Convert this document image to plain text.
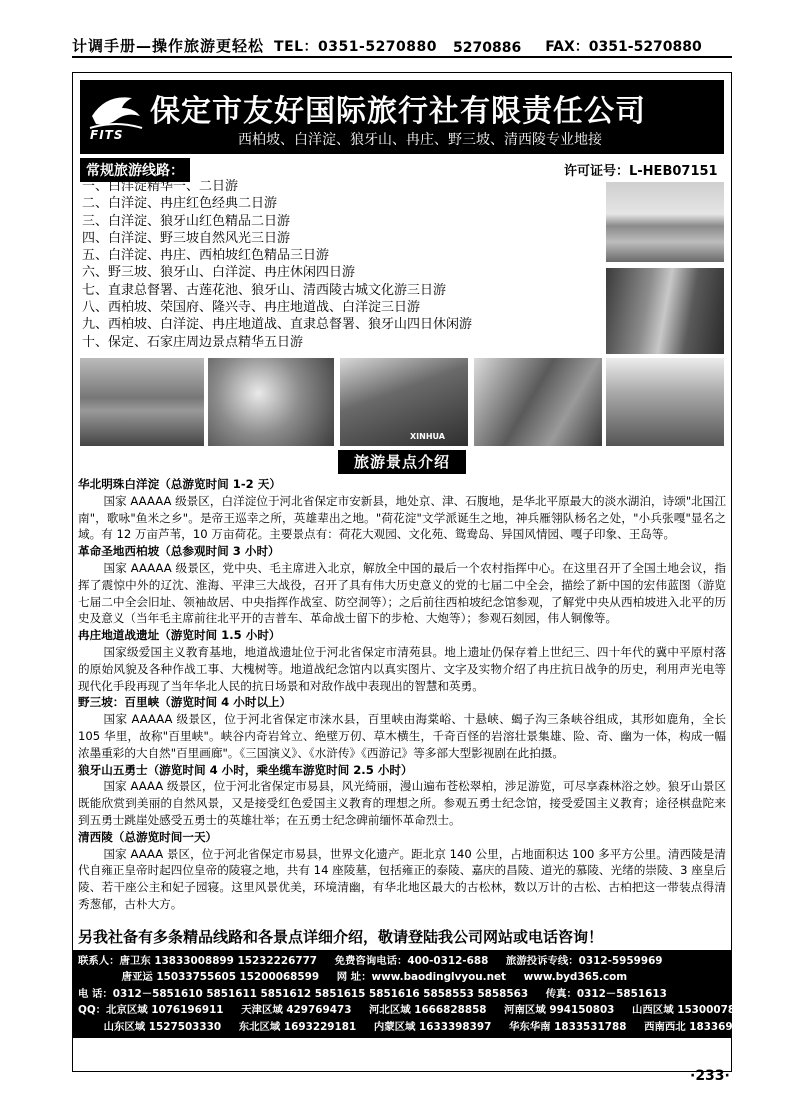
计调手册—操作旅游更轻松 TEL：0351-5270880 5270886 FAX：0351-5270880
FITS
保定市友好国际旅行社有限责任公司
西柏坡、白洋淀、狼牙山、冉庄、野三坡、清西陵专业地接
常规旅游线路：	许可证号：L-HEB07151
一、白洋淀精华一、二日游
二、白洋淀、冉庄红色经典二日游
三、白洋淀、狼牙山红色精品二日游
四、白洋淀、野三坡自然风光三日游
五、白洋淀、冉庄、西柏坡红色精品三日游
六、野三坡、狼牙山、白洋淀、冉庄休闲四日游
七、直隶总督署、古莲花池、狼牙山、清西陵古城文化游三日游
八、西柏坡、荣国府、隆兴寺、冉庄地道战、白洋淀三日游
九、西柏坡、白洋淀、冉庄地道战、直隶总督署、狼牙山四日休闲游
十、保定、石家庄周边景点精华五日游
XINHUA
旅游景点介绍
华北明珠白洋淀（总游览时间 1-2 天）
国家 AAAAA 级景区，白洋淀位于河北省保定市安新县，地处京、津、石腹地，是华北平原最大的淡水湖泊，诗颂"北国江南"，歌咏"鱼米之乡"。是帝王巡幸之所，英雄辈出之地。"荷花淀"文学派诞生之地，神兵雁翎队杨名之处，"小兵张嘎"显名之域。有 12 万亩芦苇，10 万亩荷花。主要景点有：荷花大观园、文化苑、鸳鸯岛、异国风情园、嘎子印象、王岛等。
革命圣地西柏坡（总参观时间 3 小时）
国家 AAAAA 级景区，党中央、毛主席进入北京，解放全中国的最后一个农村指挥中心。在这里召开了全国土地会议，指挥了震惊中外的辽沈、淮海、平津三大战役，召开了具有伟大历史意义的党的七届二中全会，描绘了新中国的宏伟蓝图（游览七届二中全会旧址、领袖故居、中央指挥作战室、防空洞等）；之后前往西柏坡纪念馆参观，了解党中央从西柏坡进入北平的历史及意义（当年毛主席前往北平开的吉普车、革命战士留下的步枪、大炮等）；参观石刻园，伟人铜像等。
冉庄地道战遗址（游览时间 1.5 小时）
国家级爱国主义教育基地，地道战遗址位于河北省保定市清苑县。地上遗址仍保存着上世纪三、四十年代的冀中平原村落的原始风貌及各种作战工事、大槐树等。地道战纪念馆内以真实图片、文字及实物介绍了冉庄抗日战争的历史，利用声光电等现代化手段再现了当年华北人民的抗日场景和对敌作战中表现出的智慧和英勇。
野三坡：百里峡（游览时间 4 小时以上）
国家 AAAAA 级景区，位于河北省保定市涞水县，百里峡由海棠峪、十悬峡、蝎子沟三条峡谷组成，其形如鹿角，全长 105 华里，故称"百里峡"。峡谷内奇岩耸立、绝壁万仞、草木横生，千奇百怪的岩溶壮景集雄、险、奇、幽为一体，构成一幅浓墨重彩的大自然"百里画廊"。《三国演义》、《水浒传》《西游记》等多部大型影视剧在此拍摄。
狼牙山五勇士（游览时间 4 小时，乘坐缆车游览时间 2.5 小时）
国家 AAAA 级景区，位于河北省保定市易县，风光绮丽，漫山遍布苍松翠柏，涉足游览，可尽享森林浴之妙。狼牙山景区既能欣赏到美丽的自然风景，又是接受红色爱国主义教育的理想之所。参观五勇士纪念馆，接受爱国主义教育；途径棋盘陀来到五勇士跳崖处感受五勇士的英雄壮举；在五勇士纪念碑前缅怀革命烈士。
清西陵（总游览时间一天）
国家 AAAA 景区，位于河北省保定市易县，世界文化遗产。距北京 140 公里，占地面积达 100 多平方公里。清西陵是清代自雍正皇帝时起四位皇帝的陵寝之地，共有 14 座陵墓，包括雍正的泰陵、嘉庆的昌陵、道光的慕陵、光绪的崇陵、3 座皇后陵、若干座公主和妃子园寝。这里风景优美，环境清幽，有华北地区最大的古松林，数以万计的古松、古柏把这一带装点得清秀葱郁，古朴大方。
另我社备有多条精品线路和各景点详细介绍，敬请登陆我公司网站或电话咨询！
联系人：唐卫东 13833008899 15232226777 免费咨询电话：400-0312-688 旅游投诉专线：0312-5959969
唐亚运 15033755605 15200068599 网 址：www.baodinglvyou.net www.byd365.com
电 话：0312－5851610 5851611 5851612 5851615 5851616 5858553 5858563 传真：0312－5851613
QQ：北京区域 1076196911 天津区域 429769473 河北区域 1666828858 河南区域 994150803 山西区域 1530007899
山东区域 1527503330 东北区域 1693229181 内蒙区域 1633398397 华东华南 1833531788 西南西北 1833690962
·233·
